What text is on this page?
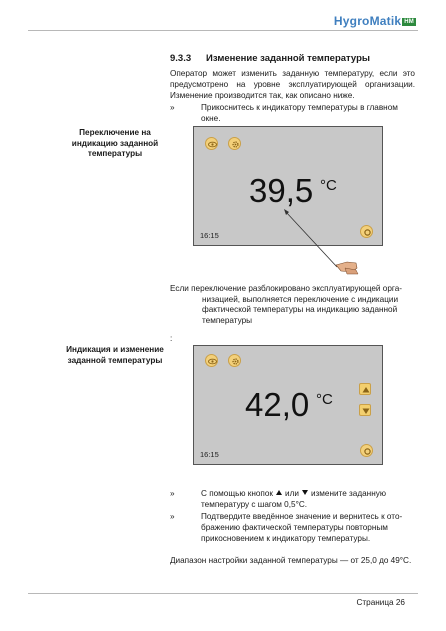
HygroMatik HM
9.3.3 Изменение заданной температуры
Оператор может изменить заданную температуру, если это предусмотрено на уровне эксплуатирующей организации. Изменение производится так, как описано ниже.
»	Прикоснитесь к индикатору температуры в главном окне.
Переключение на индикацию заданной температуры
39,5 °C
16:15
Если переключение разблокировано эксплуатирующей орга-
низацией, выполняется переключение с индикации фактической температуры на индикацию заданной температуры
:
Индикация и изменение заданной температуры
42,0 °C
16:15
»	С помощью кнопок или измените заданную температуру с шагом 0,5°C.
»	Подтвердите введённое значение и вернитесь к ото-бражению фактической температуры повторным прикосновением к индикатору температуры.
Диапазон настройки заданной температуры — от 25,0 до 49°C.
Страница 26
